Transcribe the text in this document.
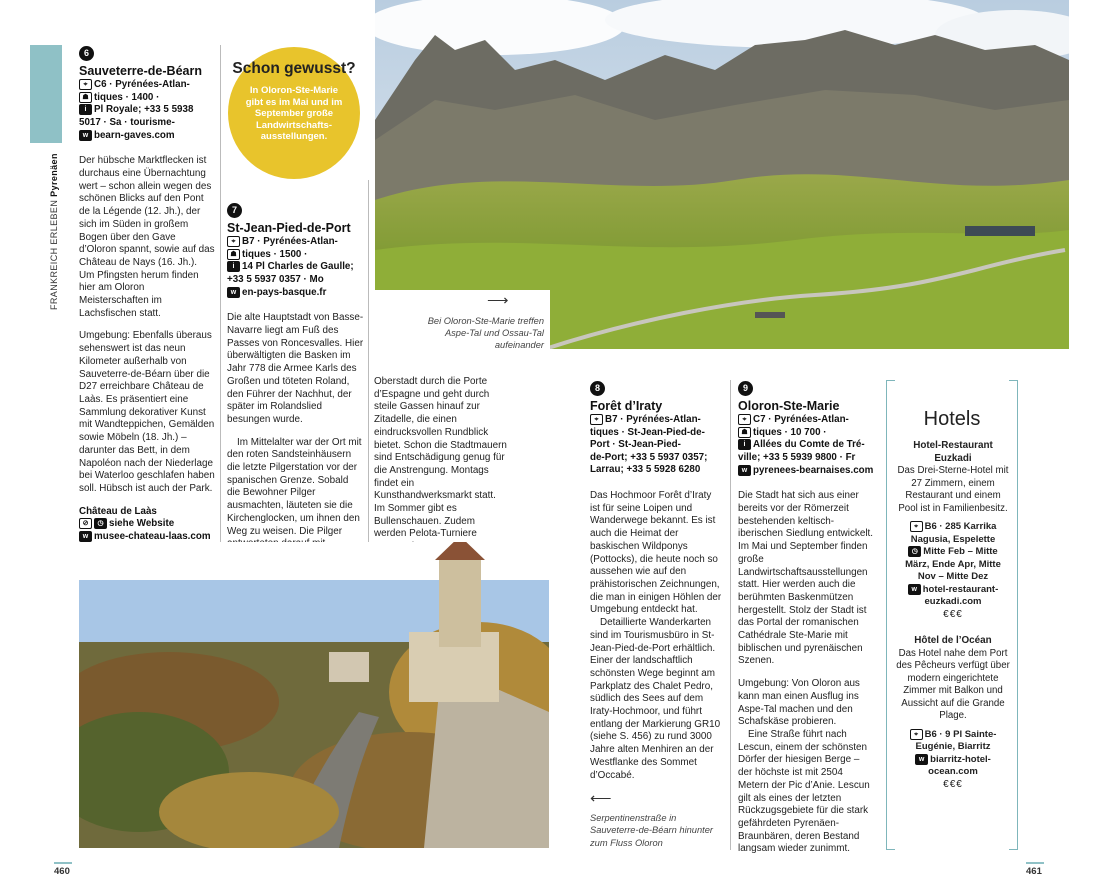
FRANKREICH ERLEBEN Pyrenäen
6
Sauveterre-de-Béarn
⌖ C6 · Pyrénées-Atlan-
☗ tiques · 1400 ·
i Pl Royale; +33 5 5938
5017 · Sa · tourisme-
w bearn-gaves.com

Der hübsche Marktflecken ist durchaus eine Übernachtung wert – schon allein wegen des schönen Blicks auf den Pont de la Légende (12. Jh.), der sich im Süden in großem Bogen über den Gave d’Oloron spannt, sowie auf das Château de Nays (16. Jh.). Um Pfingsten herum finden hier am Oloron Meisterschaften im Lachsfischen statt.

Umgebung: Ebenfalls überaus sehenswert ist das neun Kilometer außerhalb von Sauveterre-de-Béarn über die D27 erreichbare Château de Laàs. Es präsentiert eine Sammlung dekorativer Kunst mit Wandteppichen, Gemälden sowie Möbeln (18. Jh.) – darunter das Bett, in dem Napoléon nach der Niederlage bei Waterloo geschlafen haben soll. Hübsch ist auch der Park.

Château de Laàs
⊘ ◷ siehe Website
w musee-chateau-laas.com
Schon gewusst?
In Oloron-Ste-Marie gibt es im Mai und im September große Landwirtschafts-ausstellungen.
7
St-Jean-Pied-de-Port
⌖ B7 · Pyrénées-Atlan-
☗ tiques · 1500 ·
i 14 Pl Charles de Gaulle;
+33 5 5937 0357 · Mo
w en-pays-basque.fr

Die alte Hauptstadt von Basse-Navarre liegt am Fuß des Passes von Roncesvalles. Hier überwältigten die Basken im Jahr 778 die Armee Karls des Großen und töteten Roland, den Führer der Nachhut, der später im Rolandslied besungen wurde.

Im Mittelalter war der Ort mit den roten Sandsteinhäusern die letzte Pilgerstation vor der spanischen Grenze. Sobald die Bewohner Pilger ausmachten, läuteten sie die Kirchenglocken, um ihnen den Weg zu weisen. Die Pilger

Oberstadt durch die Porte d’Espagne und geht durch steile Gassen hinauf zur Zitadelle, die einen eindrucksvollen Rundblick bietet. Schon die Stadtmauern sind Entschädigung genug für die Anstrengung. Montags findet ein Kunsthandwerksmarkt statt. Im Sommer gibt es Bullenschauen. Zudem werden Pelota-Turniere

⟶
Bei Oloron-Ste-Marie treffen Aspe-Tal und Ossau-Tal aufeinander
8
Forêt d’Iraty
⌖ B7 · Pyrénées-Atlan-
tiques · St-Jean-Pied-de-
Port · St-Jean-Pied-
de-Port; +33 5 5937 0357;
Larrau; +33 5 5928 6280

Das Hochmoor Forêt d’Iraty ist für seine Loipen und Wanderwege bekannt. Es ist auch die Heimat der baskischen Wildponys (Pottocks), die heute noch so aussehen wie auf den prähistorischen Zeichnungen, die man in einigen Höhlen der Umgebung entdeckt hat.

Detaillierte Wanderkarten sind im Tourismusbüro in St-Jean-Pied-de-Port erhältlich. Einer der landschaftlich schönsten Wege beginnt am Parkplatz des Chalet Pedro, südlich des Sees auf dem Iraty-Hochmoor, und führt entlang der Markierung GR10 (siehe S. 456) zu rund 3000 Jahre alten Menhiren an der Westflanke des Sommet d’Occabé.

⟵
Serpentinenstraße in Sauveterre-de-Béarn hinunter zum Fluss Oloron
9
Oloron-Ste-Marie
⌖ C7 · Pyrénées-Atlan-
☗ tiques · 10 700 ·
i Allées du Comte de Tré-
ville; +33 5 5939 9800 · Fr
w pyrenees-bearnaises.com

Die Stadt hat sich aus einer bereits vor der Römerzeit bestehenden keltisch-iberischen Siedlung entwickelt. Im Mai und September finden große Landwirtschaftsausstellungen statt. Hier werden auch die berühmten Baskenmützen hergestellt. Stolz der Stadt ist das Portal der romanischen Cathédrale Ste-Marie mit biblischen und pyrenäischen Szenen.

Umgebung: Von Oloron aus kann man einen Ausflug ins Aspe-Tal machen und den Schafskäse probieren.

Eine Straße führt nach Lescun, einem der schönsten Dörfer der hiesigen Berge – der höchste ist mit 2504 Metern der Pic d’Anie. Lescun gilt als eines der letzten Rückzugsgebiete für die stark gefährdeten Pyrenäen-Braunbären, deren Bestand langsam wieder zunimmt.

Hotels
Hotel-Restaurant Euzkadi
Das Drei-Sterne-Hotel mit 27 Zimmern, einem Restaurant und einem Pool ist in Familienbesitz.
⌖ B6 · 285 Karrika Nagusia, Espelette
◷ Mitte Feb – Mitte März, Ende Apr, Mitte Nov – Mitte Dez
w hotel-restaurant-euzkadi.com
€€€
Hôtel de l’Océan
Das Hotel nahe dem Port des Pêcheurs verfügt über modern eingerichtete Zimmer mit Balkon und Aussicht auf die Grande Plage.
⌖ B6 · 9 Pl Sainte-Eugénie, Biarritz
w biarritz-hotel-ocean.com
€€€
460	461
